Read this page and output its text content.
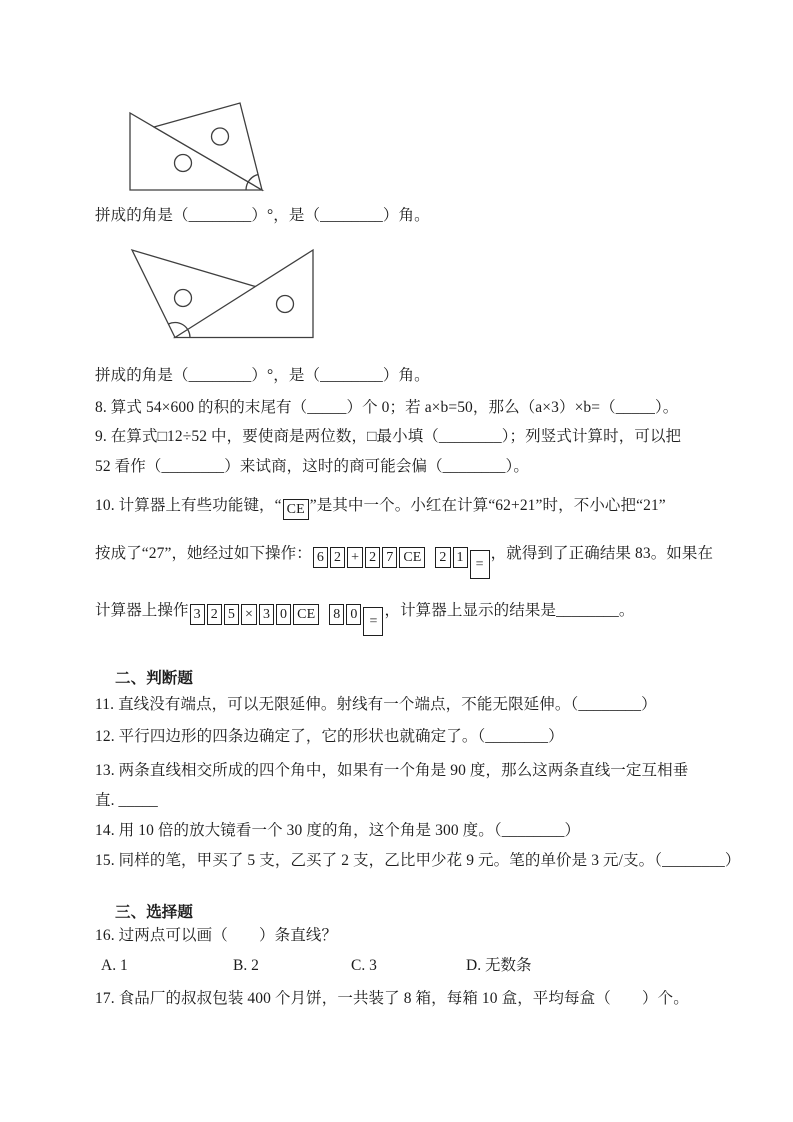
拼成的角是（________）°，是（________）角。
拼成的角是（________）°，是（________）角。
8. 算式 54×600 的积的末尾有（_____）个 0；若 a×b=50，那么（a×3）×b=（_____）。
9. 在算式□12÷52 中，要使商是两位数，□最小填（________）；列竖式计算时，可以把
52 看作（________）来试商，这时的商可能会偏（________）。
10. 计算器上有些功能键，“ CE ”是其中一个。小红在计算“62+21”时，不小心把“21”
按成了“27”，她经过如下操作： 6 2 + 2 7 CE 2 1 =，就得到了正确结果 83。如果在
计算器上操作 3 2 5 × 3 0 CE 8 0 =，计算器上显示的结果是________。
二、判断题
11. 直线没有端点，可以无限延伸。射线有一个端点，不能无限延伸。（________）
12. 平行四边形的四条边确定了，它的形状也就确定了。（________）
13. 两条直线相交所成的四个角中，如果有一个角是 90 度，那么这两条直线一定互相垂
直. _____
14. 用 10 倍的放大镜看一个 30 度的角，这个角是 300 度。（________）
15. 同样的笔，甲买了 5 支，乙买了 2 支，乙比甲少花 9 元。笔的单价是 3 元/支。（________）
三、选择题
16. 过两点可以画（　　）条直线？
A. 1	B. 2	C. 3	D. 无数条
17. 食品厂的叔叔包装 400 个月饼，一共装了 8 箱，每箱 10 盒，平均每盒（　　）个。
